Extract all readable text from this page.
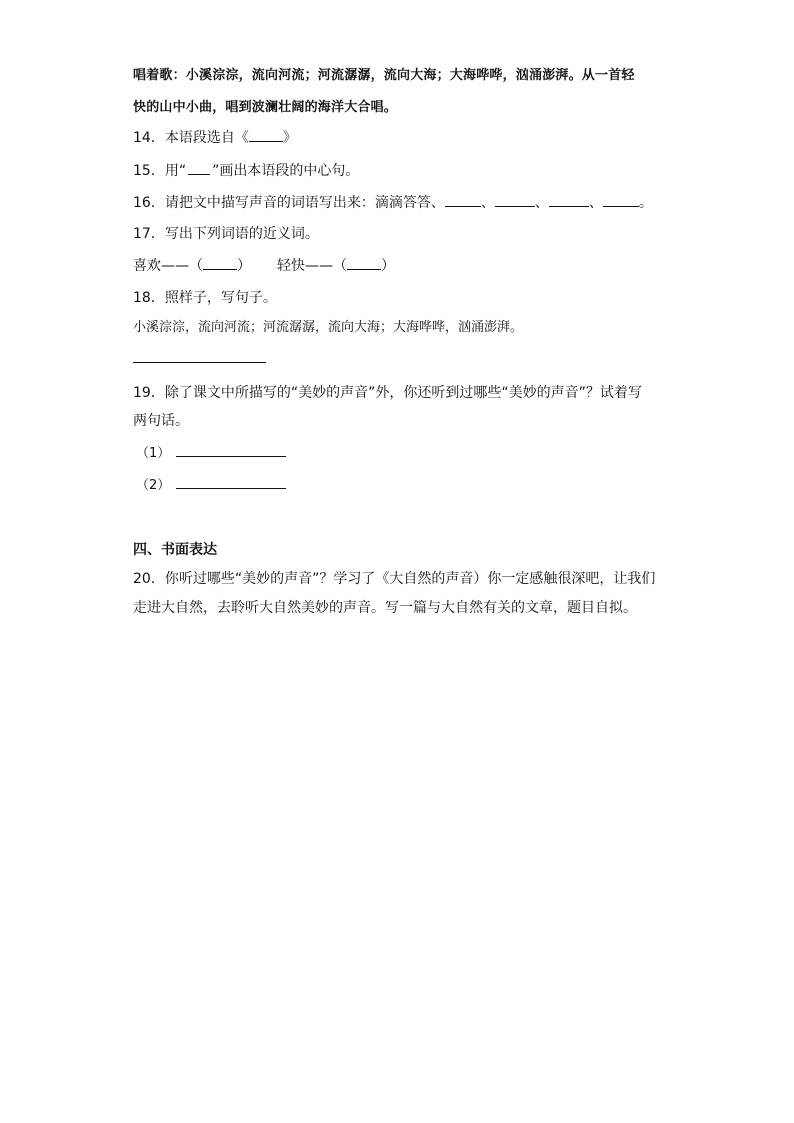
唱着歌：小溪淙淙，流向河流；河流潺潺，流向大海；大海哗哗，汹涌澎湃。从一首轻
快的山中小曲，唱到波澜壮阔的海洋大合唱。
14．本语段选自《 》
15．用“ ”画出本语段的中心句。
16．请把文中描写声音的词语写出来：滴滴答答、	、	、	、	。
17．写出下列词语的近义词。
喜欢——（ ） 轻快——（ ）
18．照样子，写句子。
小溪淙淙，流向河流；河流潺潺，流向大海；大海哗哗，汹涌澎湃。
19．除了课文中所描写的“美妙的声音”外，你还听到过哪些“美妙的声音”？试着写
两句话。
（1）
（2）
四、书面表达
20．你听过哪些“美妙的声音”？学习了《大自然的声音）你一定感触很深吧，让我们
走进大自然，去聆听大自然美妙的声音。写一篇与大自然有关的文章，题目自拟。
